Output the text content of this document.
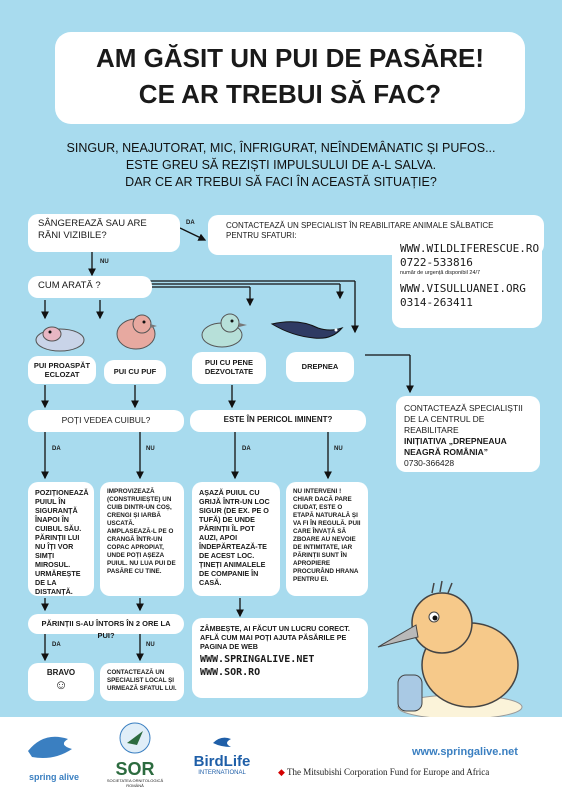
AM GĂSIT UN PUI DE PASĂRE!
CE AR TREBUI SĂ FAC?
SINGUR, NEAJUTORAT, MIC, ÎNFRIGURAT, NEÎNDEMÂNATIC ȘI PUFOS...
ESTE GREU SĂ REZIȘTI IMPULSULUI DE A-L SALVA.
DAR CE AR TREBUI SĂ FACI ÎN ACEASTĂ SITUAȚIE?
SÂNGEREAZĂ SAU ARE RĂNI VIZIBILE?
DA
NU
CONTACTEAZĂ UN SPECIALIST ÎN REABILITARE ANIMALE SĂLBATICE PENTRU SFATURI:
WWW.WILDLIFERESCUE.RO
0722-533816
număr de urgență disponibil 24/7
WWW.VISULLUANEI.ORG
0314-263411
CUM ARATĂ ?
PUI PROASPĂT ECLOZAT	PUI CU PUF
PUI CU PENE DEZVOLTATE
DREPNEA
CONTACTEAZĂ SPECIALIȘTII DE LA CENTRUL DE REABILITARE
INIȚIATIVA „DREPNEAUA NEAGRĂ ROMÂNIA”
0730-366428
POȚI VEDEA CUIBUL?
DA	NU
ESTE ÎN PERICOL IMINENT?
DA	NU
POZIȚIONEAZĂ PUIUL ÎN SIGURANȚĂ ÎNAPOI ÎN CUIBUL SĂU. PĂRINȚII LUI NU ÎȚI VOR SIMȚI MIROSUL. URMĂREȘTE DE LA DISTANȚĂ.
IMPROVIZEAZĂ (CONSTRUIEȘTE) UN CUIB DINTR-UN COȘ, CRENGI ȘI IARBĂ USCATĂ. AMPLASEAZĂ-L PE O CRANGĂ ÎNTR-UN COPAC APROPIAT, UNDE POȚI AȘEZA PUIUL. NU LUA PUI DE PASĂRE CU TINE.
AȘAZĂ PUIUL CU GRIJĂ ÎNTR-UN LOC SIGUR (DE EX. PE O TUFĂ) DE UNDE PĂRINȚII ÎL POT AUZI, APOI ÎNDEPĂRTEAZĂ-TE DE ACEST LOC. ȚINEȚI ANIMALELE DE COMPANIE ÎN CASĂ.
NU INTERVENI !
CHIAR DACĂ PARE CIUDAT, ESTE O ETAPĂ NATURALĂ ȘI VA FI ÎN REGULĂ. PUII CARE ÎNVAȚĂ SĂ ZBOARE AU NEVOIE DE INTIMITATE, IAR PĂRINȚII SUNT ÎN APROPIERE PROCURÂND HRANA PENTRU EI.
PĂRINȚII S-AU ÎNTORS ÎN 2 ORE LA PUI?
DA	NU
BRAVO
☺
CONTACTEAZĂ UN SPECIALIST LOCAL ȘI URMEAZĂ SFATUL LUI.
ZÂMBEȘTE, AI FĂCUT UN LUCRU CORECT. AFLĂ CUM MAI POȚI AJUTA PĂSĂRILE PE PAGINA DE WEB
WWW.SPRINGALIVE.NET
WWW.SOR.RO
spring alive	SOR
SOCIETATEA ORNITOLOGICĂ ROMÂNĂ
BirdLife
INTERNATIONAL
www.springalive.net
◆ The Mitsubishi Corporation Fund for Europe and Africa
